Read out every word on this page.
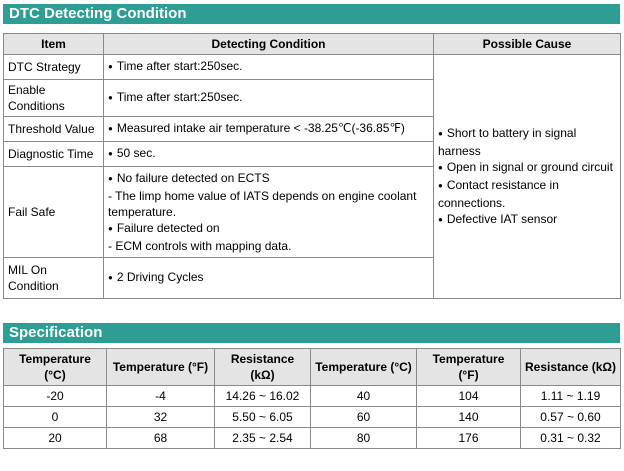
DTC Detecting Condition
Item	Detecting Condition	Possible Cause
DTC Strategy	● Time after start:250sec.	● Short to battery in signal harness
● Open in signal or ground circuit
● Contact resistance in connections.
● Defective IAT sensor

Enable Conditions	● Time after start:250sec.
Threshold Value	● Measured intake air temperature < -38.25℃(-36.85℉)
Diagnostic Time	● 50 sec.
Fail Safe	● No failure detected on ECTS
- The limp home value of IATS depends on engine coolant temperature.
● Failure detected on
- ECM controls with mapping data.

MIL On Condition	● 2 Driving Cycles
Specification
Temperature (°C)	Temperature (°F)	Resistance (kΩ)	Temperature (°C)	Temperature (°F)	Resistance (kΩ)
-20	-4	14.26 ~ 16.02	40	104	1.11 ~ 1.19
0	32	5.50 ~ 6.05	60	140	0.57 ~ 0.60
20	68	2.35 ~ 2.54	80	176	0.31 ~ 0.32
